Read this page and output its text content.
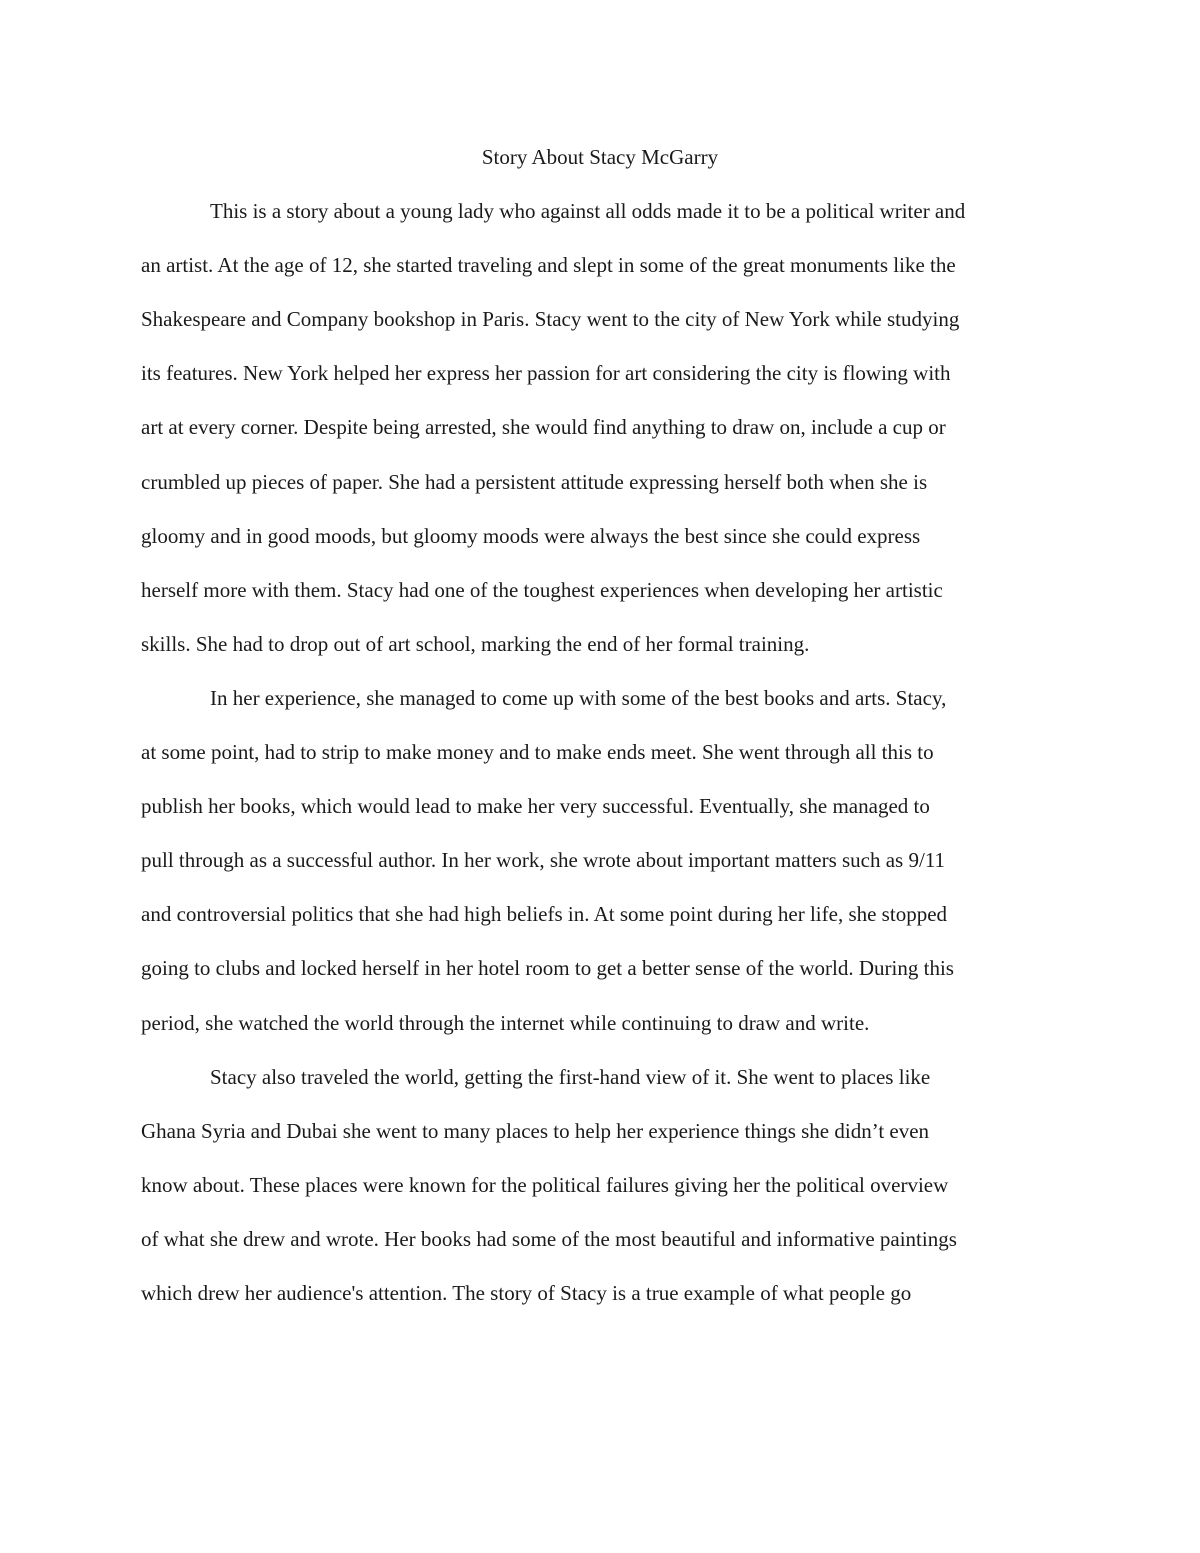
Story About Stacy McGarry

This is a story about a young lady who against all odds made it to be a political writer and

an artist. At the age of 12, she started traveling and slept in some of the great monuments like the

Shakespeare and Company bookshop in Paris. Stacy went to the city of New York while studying

its features. New York helped her express her passion for art considering the city is flowing with

art at every corner. Despite being arrested, she would find anything to draw on, include a cup or

crumbled up pieces of paper. She had a persistent attitude expressing herself both when she is

gloomy and in good moods, but gloomy moods were always the best since she could express

herself more with them. Stacy had one of the toughest experiences when developing her artistic

skills. She had to drop out of art school, marking the end of her formal training.

In her experience, she managed to come up with some of the best books and arts. Stacy,

at some point, had to strip to make money and to make ends meet. She went through all this to

publish her books, which would lead to make her very successful. Eventually, she managed to

pull through as a successful author. In her work, she wrote about important matters such as 9/11

and controversial politics that she had high beliefs in. At some point during her life, she stopped

going to clubs and locked herself in her hotel room to get a better sense of the world. During this

period, she watched the world through the internet while continuing to draw and write.

Stacy also traveled the world, getting the first-hand view of it. She went to places like

Ghana Syria and Dubai she went to many places to help her experience things she didn’t even

know about. These places were known for the political failures giving her the political overview

of what she drew and wrote. Her books had some of the most beautiful and informative paintings

which drew her audience's attention. The story of Stacy is a true example of what people go
